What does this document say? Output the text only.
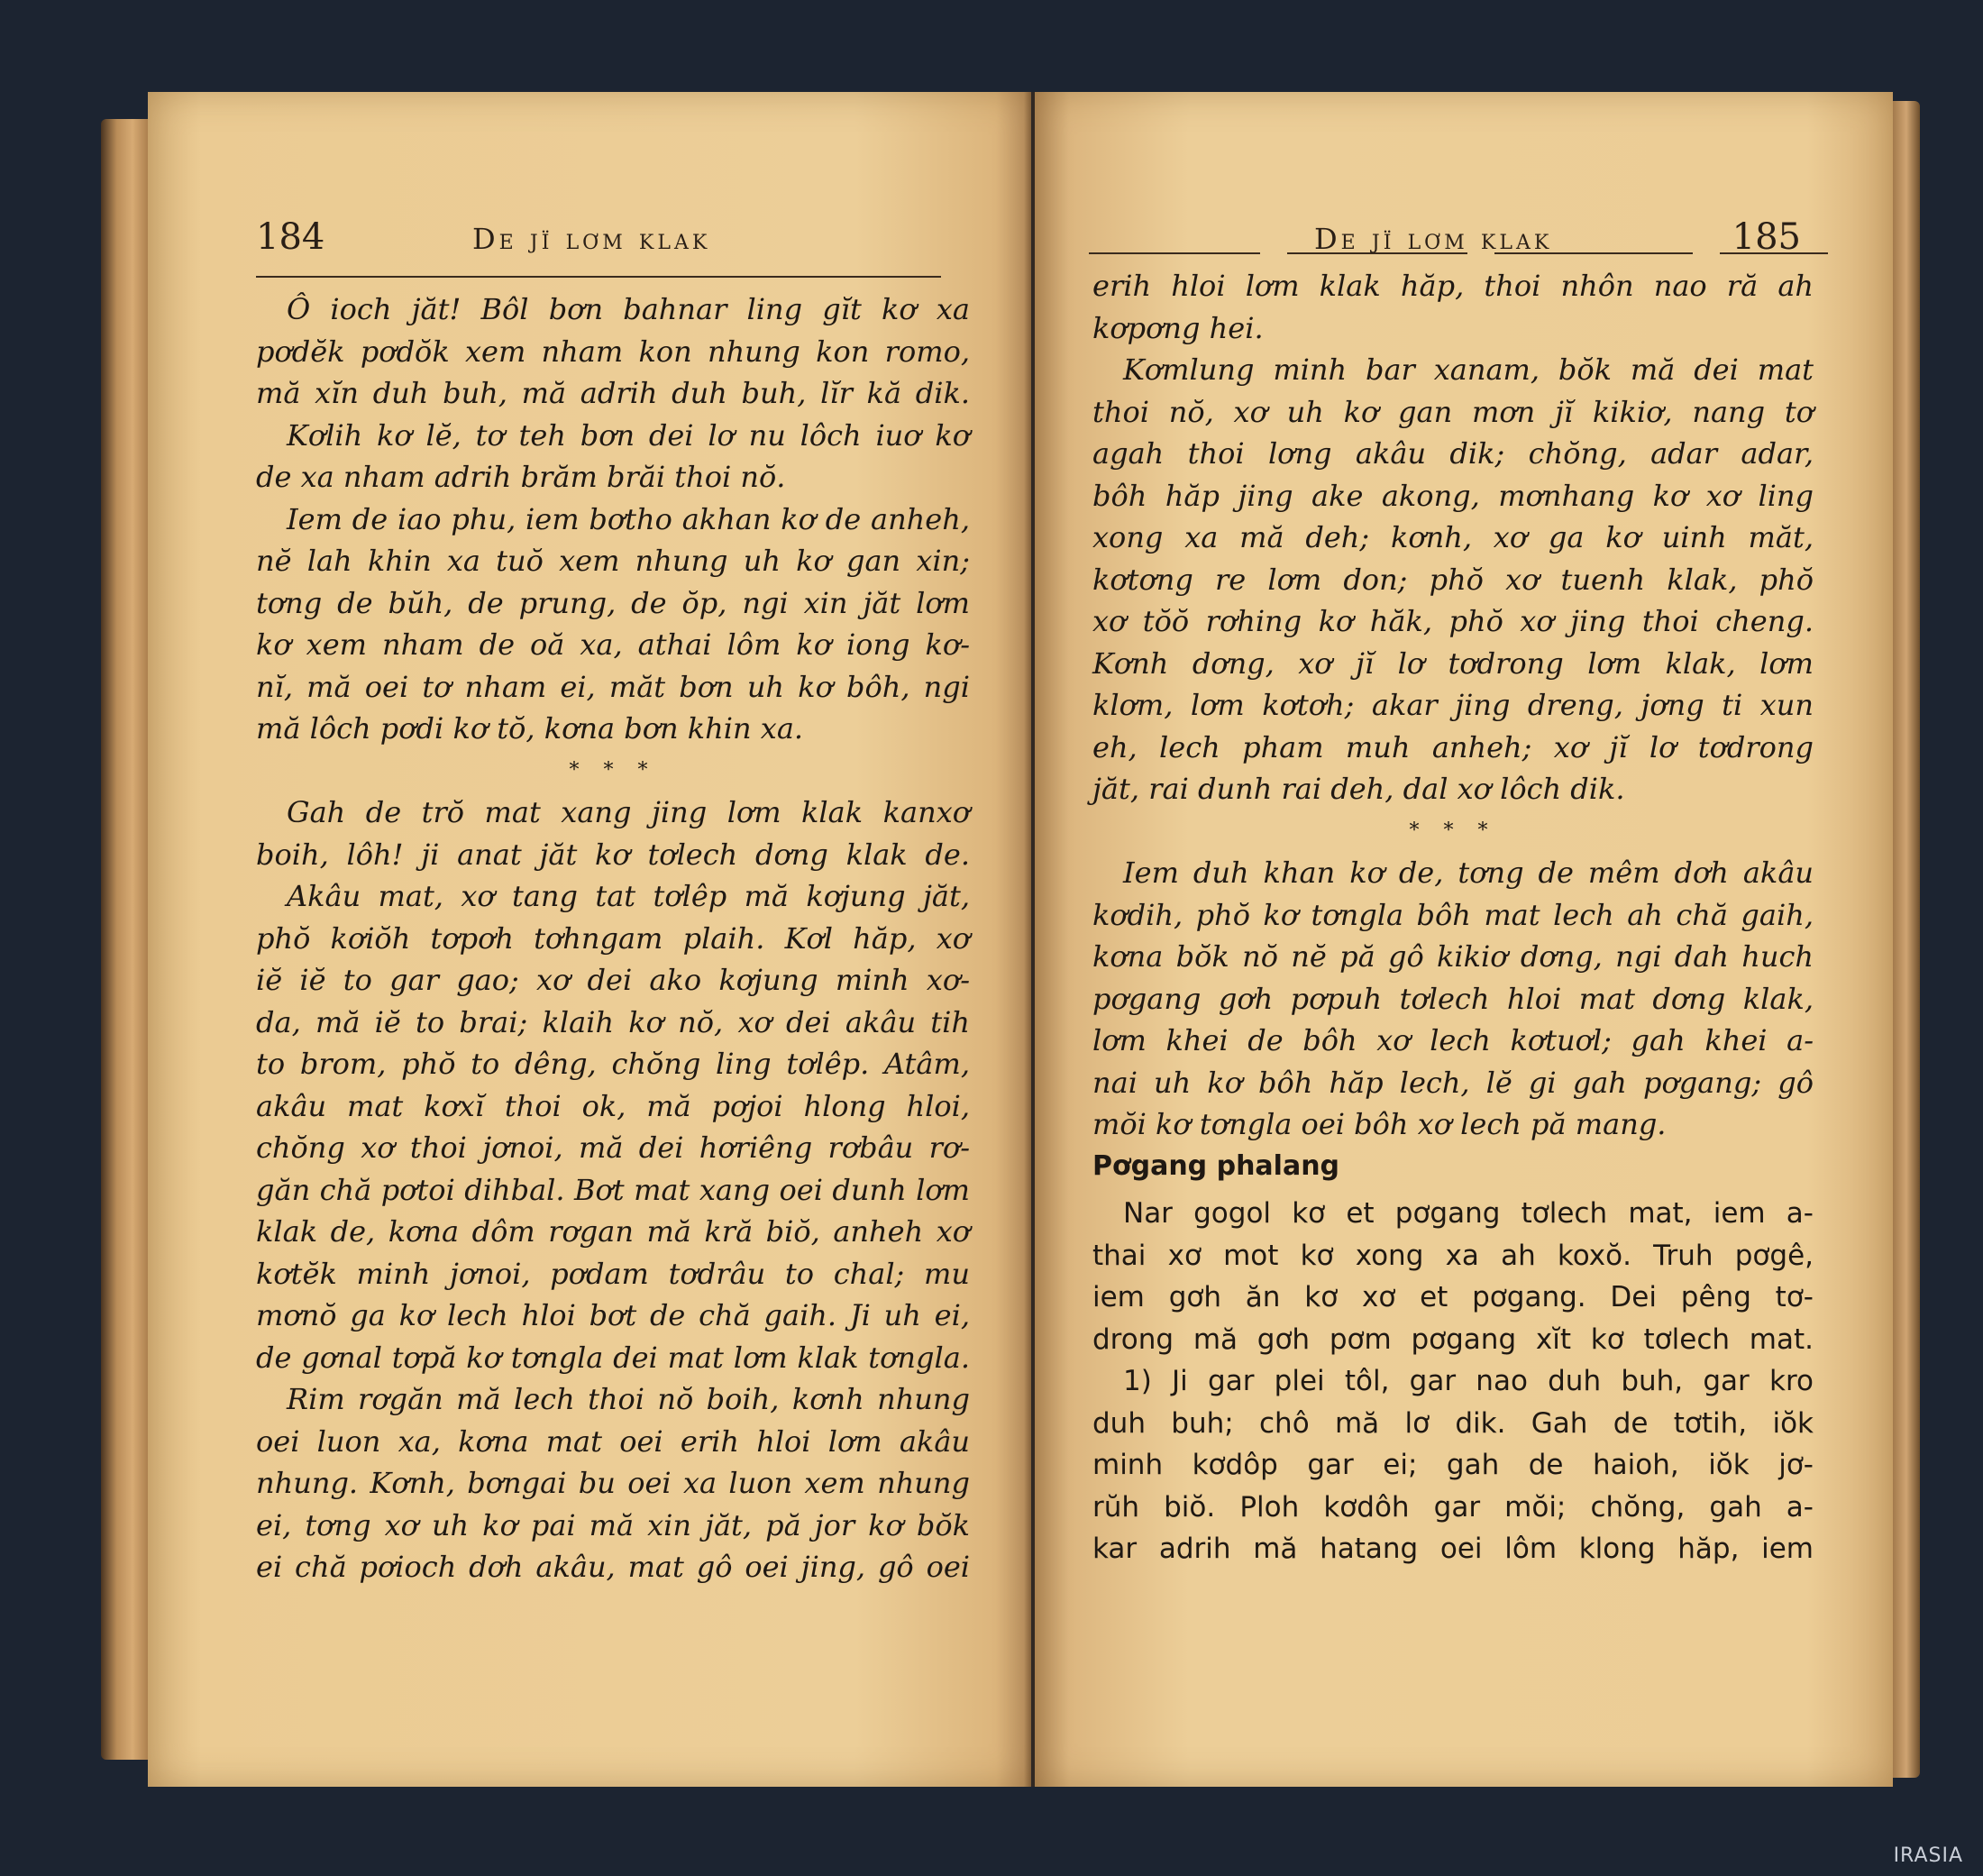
184	De jï lơm klak
Ô ioch jăt! Bôl bơn bahnar ling gĭt kơ xa
pơdĕk pơdŏk xem nham kon nhung kon romo,
mă xĭn duh buh, mă adrih duh buh, lĭr kă dik.
Kơlih kơ lĕ, tơ teh bơn dei lơ nu lôch iuơ kơ
de xa nham adrih brăm brăi thoi nŏ.
Iem de iao phu, iem bơtho akhan kơ de anheh,
nĕ lah khin xa tuŏ xem nhung uh kơ gan xin;
tơng de bŭh, de prung, de ŏp, ngi xin jăt lơm
kơ xem nham de oă xa, athai lôm kơ iong kơ-
nĭ, mă oei tơ nham ei, măt bơn uh kơ bôh, ngi
mă lôch pơdi kơ tŏ, kơna bơn khin xa.
* * *
Gah de trŏ mat xang jing lơm klak kanxơ
boih, lôh! ji anat jăt kơ tơlech dơng klak de.
Akâu mat, xơ tang tat tơlêp mă kơjung jăt,
phŏ kơiŏh tơpơh tơhngam plaih. Kơl hăp, xơ
iĕ iĕ to gar gao; xơ dei ako kơjung minh xơ-
da, mă iĕ to brai; klaih kơ nŏ, xơ dei akâu tih
to brom, phŏ to dêng, chŏng ling tơlêp. Atâm,
akâu mat kơxĭ thoi ok, mă pơjoi hlong hloi,
chŏng xơ thoi jơnoi, mă dei hơriêng rơbâu rơ-
găn chă pơtoi dihbal. Bơt mat xang oei dunh lơm
klak de, kơna dôm rơgan mă kră biŏ, anheh xơ
kơtĕk minh jơnoi, pơdam tơdrâu to chal; mu
mơnŏ ga kơ lech hloi bơt de chă gaih. Ji uh ei,
de gơnal tơpă kơ tơngla dei mat lơm klak tơngla.
Rim rơgăn mă lech thoi nŏ boih, kơnh nhung
oei luon xa, kơna mat oei erih hloi lơm akâu
nhung. Kơnh, bơngai bu oei xa luon xem nhung
ei, tơng xơ uh kơ pai mă xin jăt, pă jor kơ bŏk
ei chă pơioch dơh akâu, mat gô oei jing, gô oei
De jï lơm klak	185
erih hloi lơm klak hăp, thoi nhôn nao ră ah
kơpơng hei.
Kơmlung minh bar xanam, bŏk mă dei mat
thoi nŏ, xơ uh kơ gan mơn jĭ kikiơ, nang tơ
agah thoi lơng akâu dik; chŏng, adar adar,
bôh hăp jing ake akong, mơnhang kơ xơ ling
xong xa mă deh; kơnh, xơ ga kơ uinh măt,
kơtơng re lơm don; phŏ xơ tuenh klak, phŏ
xơ tŏŏ rơhing kơ hăk, phŏ xơ jing thoi cheng.
Kơnh dơng, xơ jĭ lơ tơdrong lơm klak, lơm
klơm, lơm kơtơh; akar jing dreng, jơng ti xun
eh, lech pham muh anheh; xơ jĭ lơ tơdrong
jăt, rai dunh rai deh, dal xơ lôch dik.
* * *
Iem duh khan kơ de, tơng de mêm dơh akâu
kơdih, phŏ kơ tơngla bôh mat lech ah chă gaih,
kơna bŏk nŏ nĕ pă gô kikiơ dơng, ngi dah huch
pơgang gơh pơpuh tơlech hloi mat dơng klak,
lơm khei de bôh xơ lech kơtuơl; gah khei a-
nai uh kơ bôh hăp lech, lĕ gi gah pơgang; gô
mŏi kơ tơngla oei bôh xơ lech pă mang.
Pơgang phalang
Nar gogol kơ et pơgang tơlech mat, iem a-
thai xơ mot kơ xong xa ah koxŏ. Truh pơgê,
iem gơh ăn kơ xơ et pơgang. Dei pêng tơ-
drong mă gơh pơm pơgang xĭt kơ tơlech mat.
1) Ji gar plei tôl, gar nao duh buh, gar kro
duh buh; chô mă lơ dik. Gah de tơtih, iŏk
minh kơdôp gar ei; gah de haioh, iŏk jơ-
rŭh biŏ. Ploh kơdôh gar mŏi; chŏng, gah a-
kar adrih mă hatang oei lôm klong hăp, iem
IRASIA
